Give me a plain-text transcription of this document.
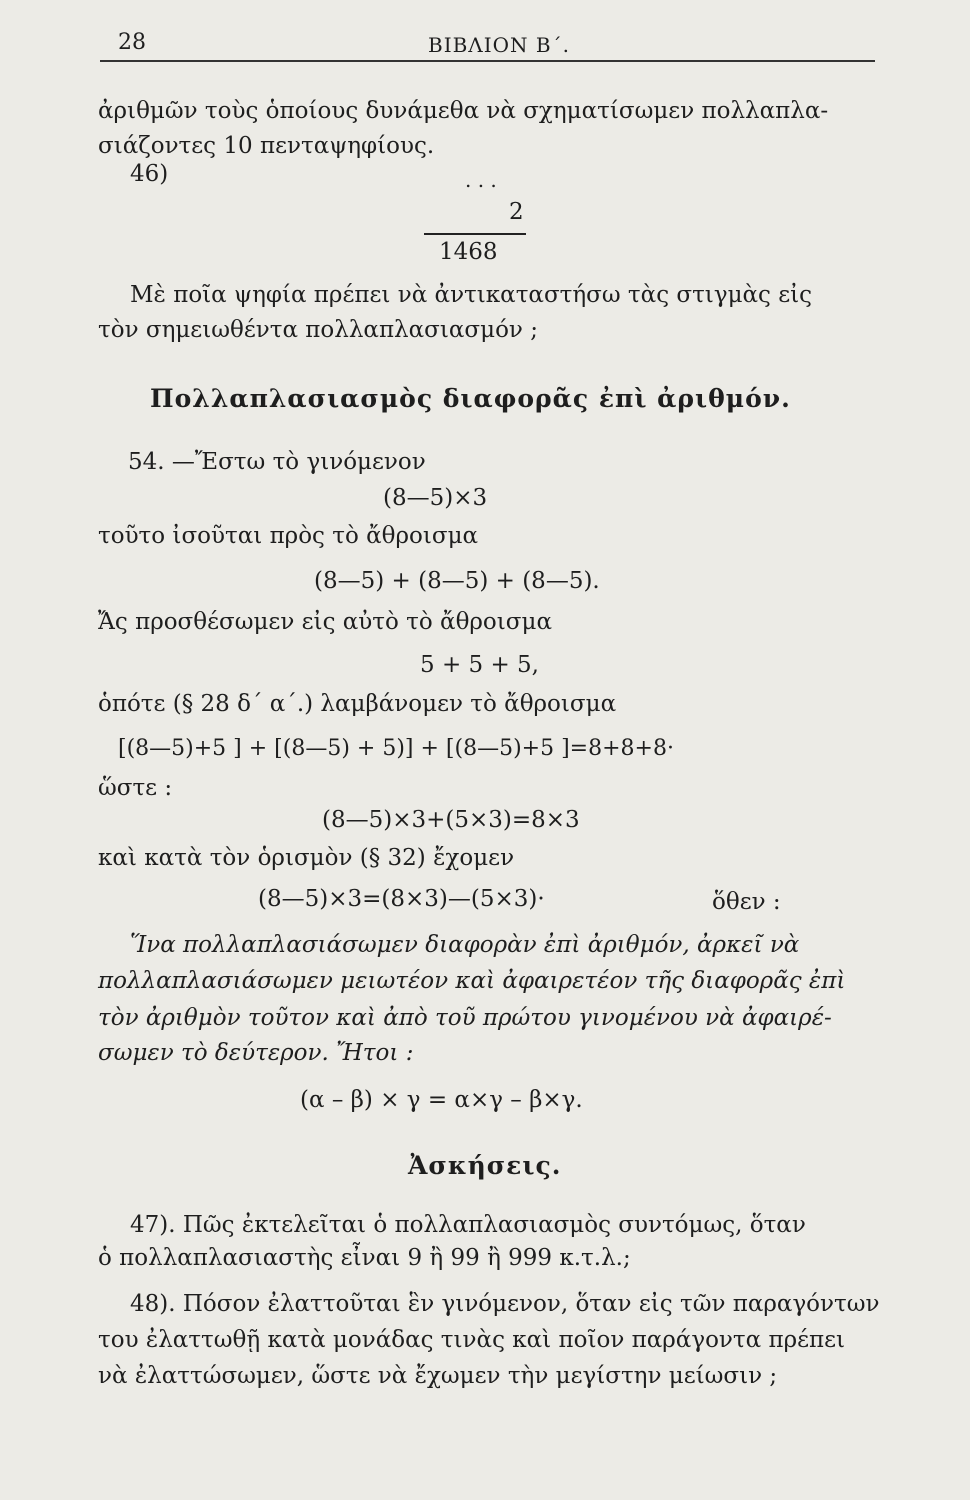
28	ΒΙΒΛΙΟΝ Β΄.
ἀριθμῶν τοὺς ὁποίους δυνάμεθα νὰ σχηματίσωμεν πολλαπλα-
σιάζοντες 10 πενταψηφίους.
46)	. . .
2
1468
Μὲ ποῖα ψηφία πρέπει νὰ ἀντικαταστήσω τὰς στιγμὰς εἰς
τὸν σημειωθέντα πολλαπλασιασμόν ;
Πολλαπλασιασμὸς διαφορᾶς ἐπὶ ἀριθμόν.
54. —Ἔστω τὸ γινόμενον
(8—5)×3
τοῦτο ἰσοῦται πρὸς τὸ ἄθροισμα
(8—5) + (8—5) + (8—5).
Ἄς προσθέσωμεν εἰς αὐτὸ τὸ ἄθροισμα
5 + 5 + 5,
ὁπότε (§ 28 δ΄ α΄.) λαμβάνομεν τὸ ἄθροισμα
[(8—5)+5 ] + [(8—5) + 5)] + [(8—5)+5 ]=8+8+8·
ὥστε :
(8—5)×3+(5×3)=8×3
καὶ κατὰ τὸν ὁρισμὸν (§ 32) ἔχομεν
(8—5)×3=(8×3)—(5×3)·	ὅθεν :
Ἵνα πολλαπλασιάσωμεν διαφορὰν ἐπὶ ἀριθμόν, ἀρκεῖ νὰ
πολλαπλασιάσωμεν μειωτέον καὶ ἀφαιρετέον τῆς διαφορᾶς ἐπὶ
τὸν ἀριθμὸν τοῦτον καὶ ἀπὸ τοῦ πρώτου γινομένου νὰ ἀφαιρέ-
σωμεν τὸ δεύτερον. Ἤτοι :
(α – β) × γ = α×γ – β×γ.
Ἀσκήσεις.
47). Πῶς ἐκτελεῖται ὁ πολλαπλασιασμὸς συντόμως, ὅταν
ὁ πολλαπλασιαστὴς εἶναι 9 ἢ 99 ἢ 999 κ.τ.λ.;
48). Πόσον ἐλαττοῦται ἓν γινόμενον, ὅταν εἰς τῶν παραγόντων
του ἐλαττωθῇ κατὰ μονάδας τινὰς καὶ ποῖον παράγοντα πρέπει
νὰ ἐλαττώσωμεν, ὥστε νὰ ἔχωμεν τὴν μεγίστην μείωσιν ;
